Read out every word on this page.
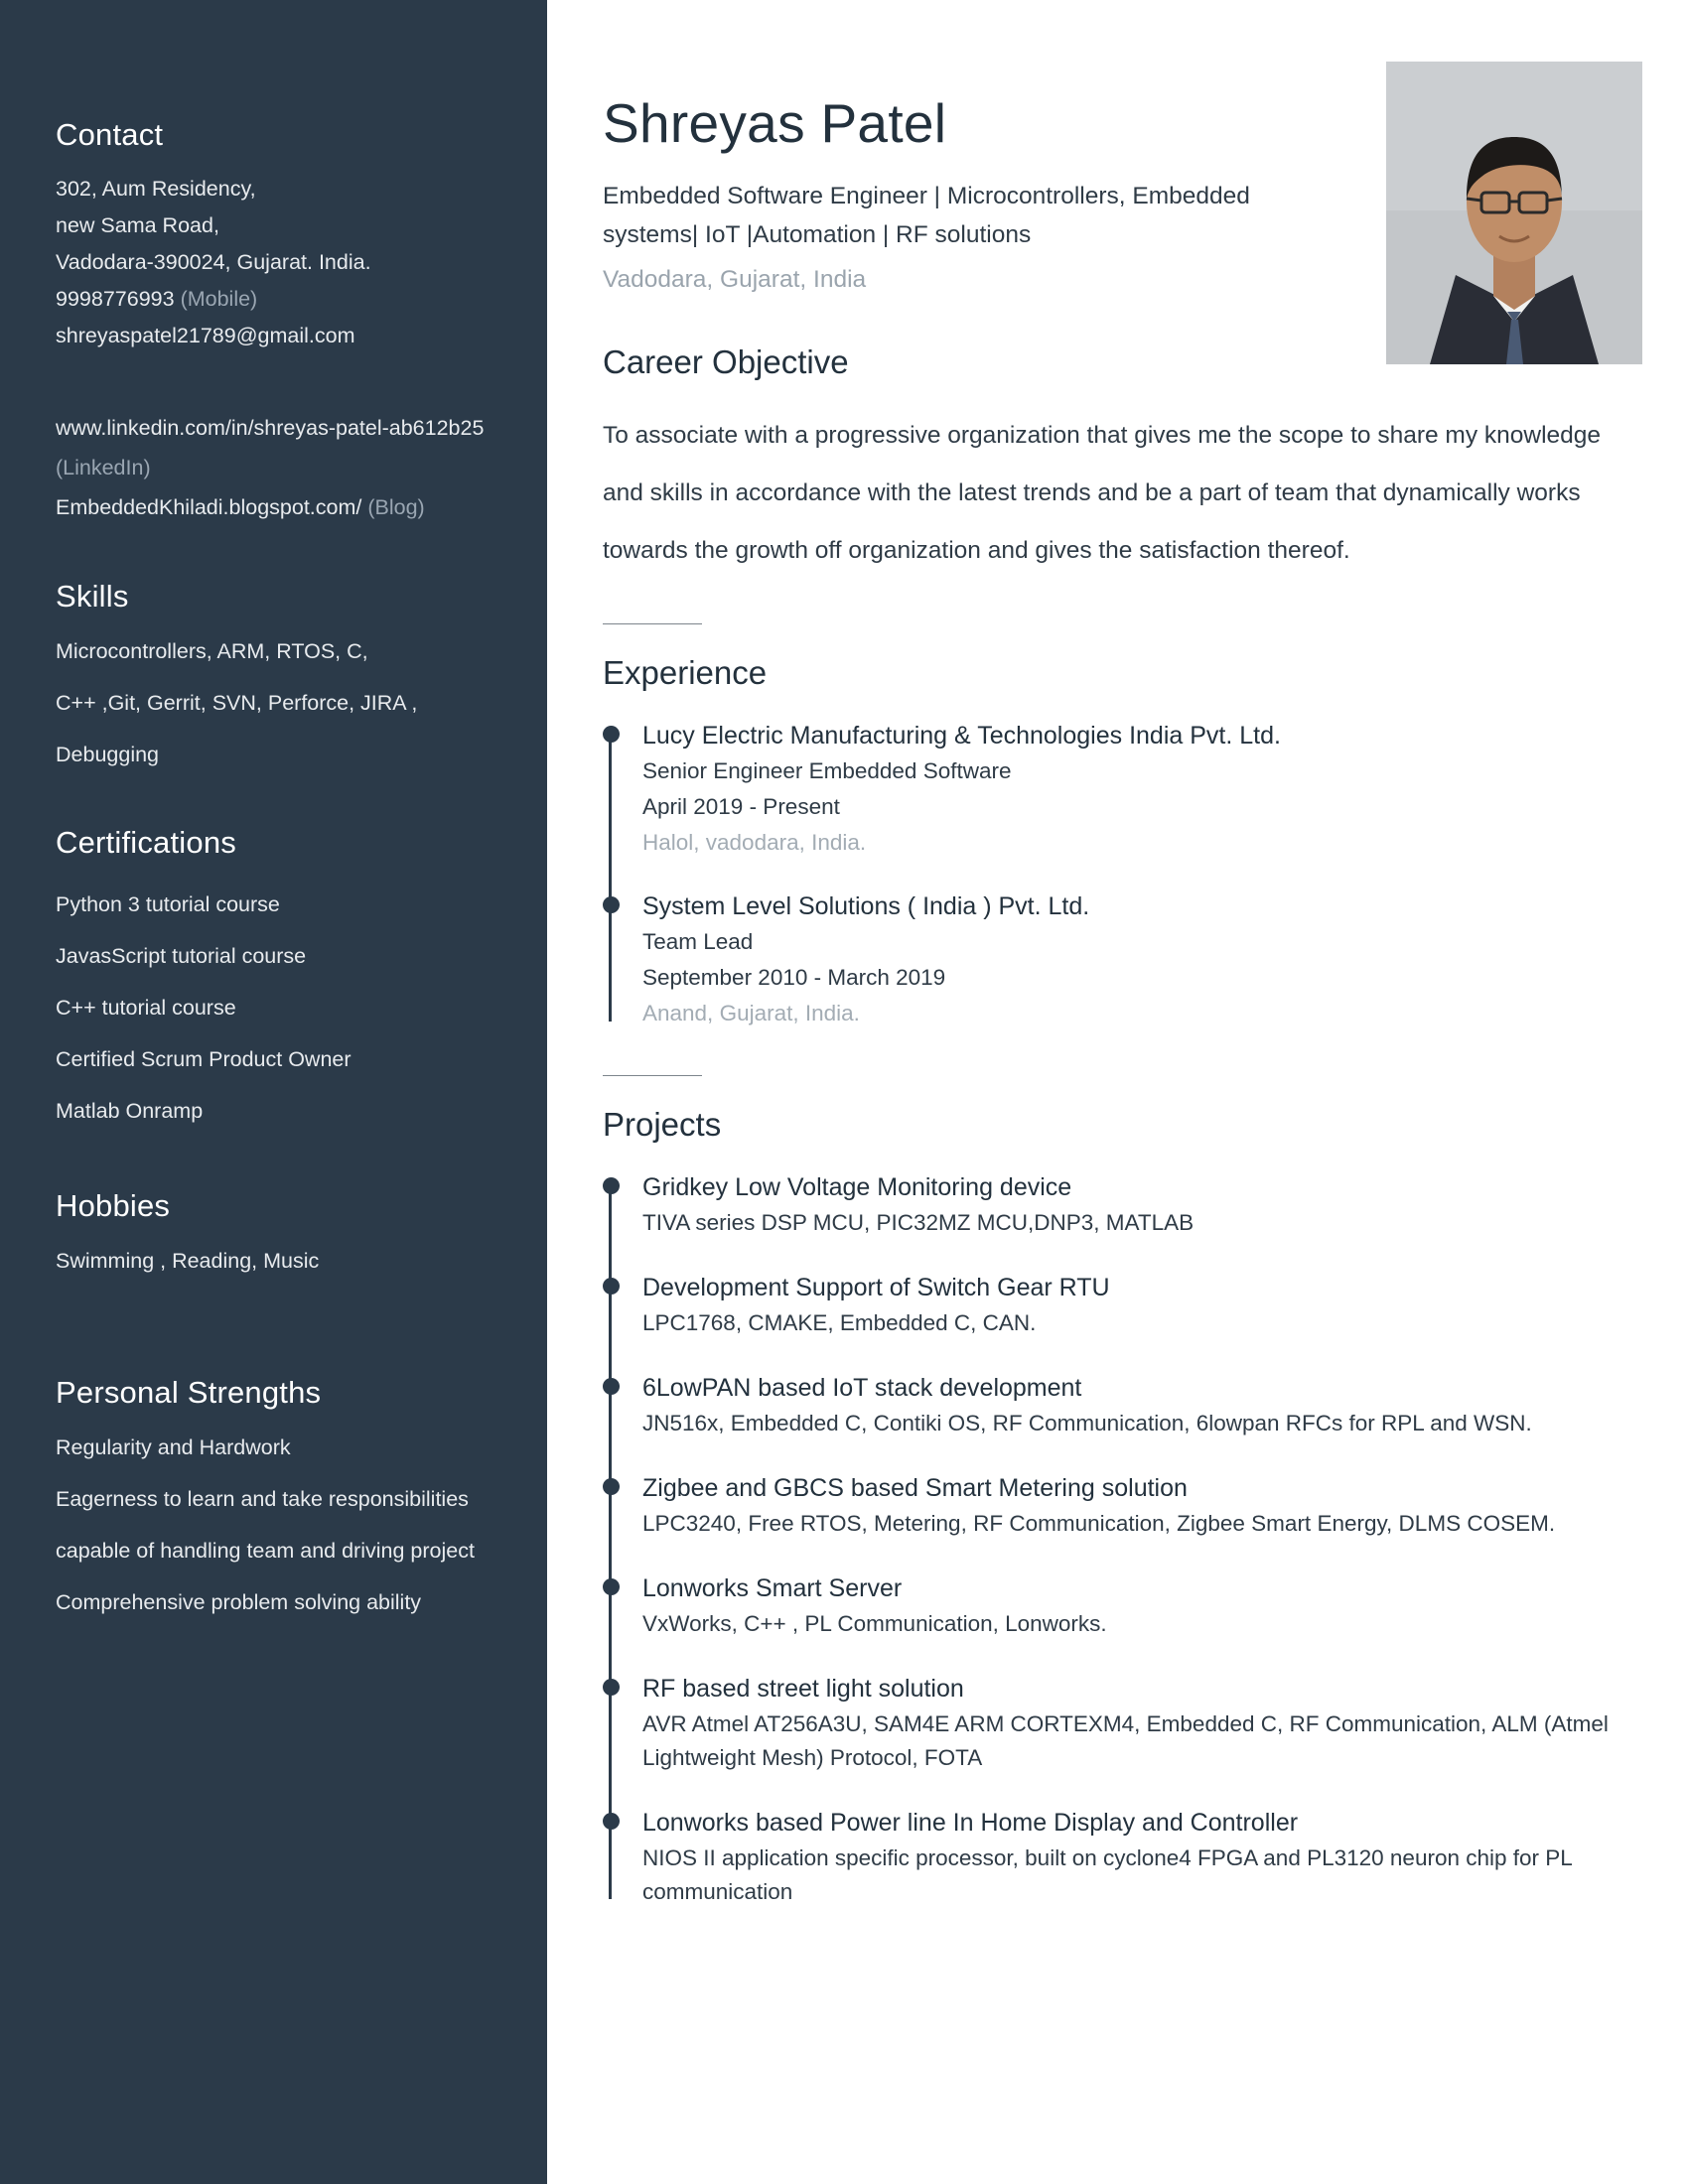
Contact
302, Aum Residency,
new Sama Road,
Vadodara-390024, Gujarat. India.
9998776993 (Mobile)
shreyaspatel21789@gmail.com
www.linkedin.com/in/shreyas-patel-ab612b25
(LinkedIn)
EmbeddedKhiladi.blogspot.com/ (Blog)
Skills
Microcontrollers, ARM, RTOS, C,
C++ ,Git, Gerrit, SVN, Perforce, JIRA ,
Debugging
Certifications
Python 3 tutorial course
JavasScript tutorial course
C++ tutorial course
Certified Scrum Product Owner
Matlab Onramp
Hobbies
Swimming , Reading, Music
Personal Strengths
Regularity and Hardwork
Eagerness to learn and take responsibilities
capable of handling team and driving project
Comprehensive problem solving ability
Shreyas Patel
Embedded Software Engineer | Microcontrollers, Embedded systems| IoT |Automation | RF solutions
Vadodara, Gujarat, India
Career Objective

To associate with a progressive organization that gives me the scope to share my knowledge and skills in accordance with the latest trends and be a part of team that dynamically works towards the growth off organization and gives the satisfaction thereof.

Experience
Lucy Electric Manufacturing & Technologies India Pvt. Ltd.
Senior Engineer Embedded Software
April 2019 - Present
Halol, vadodara, India.
System Level Solutions ( India ) Pvt. Ltd.
Team Lead
September 2010 - March 2019
Anand, Gujarat, India.
Projects
Gridkey Low Voltage Monitoring device
TIVA series DSP MCU, PIC32MZ MCU,DNP3, MATLAB
Development Support of Switch Gear RTU
LPC1768, CMAKE, Embedded C, CAN.
6LowPAN based IoT stack development
JN516x, Embedded C, Contiki OS, RF Communication, 6lowpan RFCs for RPL and WSN.
Zigbee and GBCS based Smart Metering solution
LPC3240, Free RTOS, Metering, RF Communication, Zigbee Smart Energy, DLMS COSEM.
Lonworks Smart Server
VxWorks, C++ , PL Communication, Lonworks.
RF based street light solution
AVR Atmel AT256A3U, SAM4E ARM CORTEXM4, Embedded C, RF Communication, ALM (Atmel Lightweight Mesh) Protocol, FOTA
Lonworks based Power line In Home Display and Controller
NIOS II application specific processor, built on cyclone4 FPGA and PL3120 neuron chip for PL communication
